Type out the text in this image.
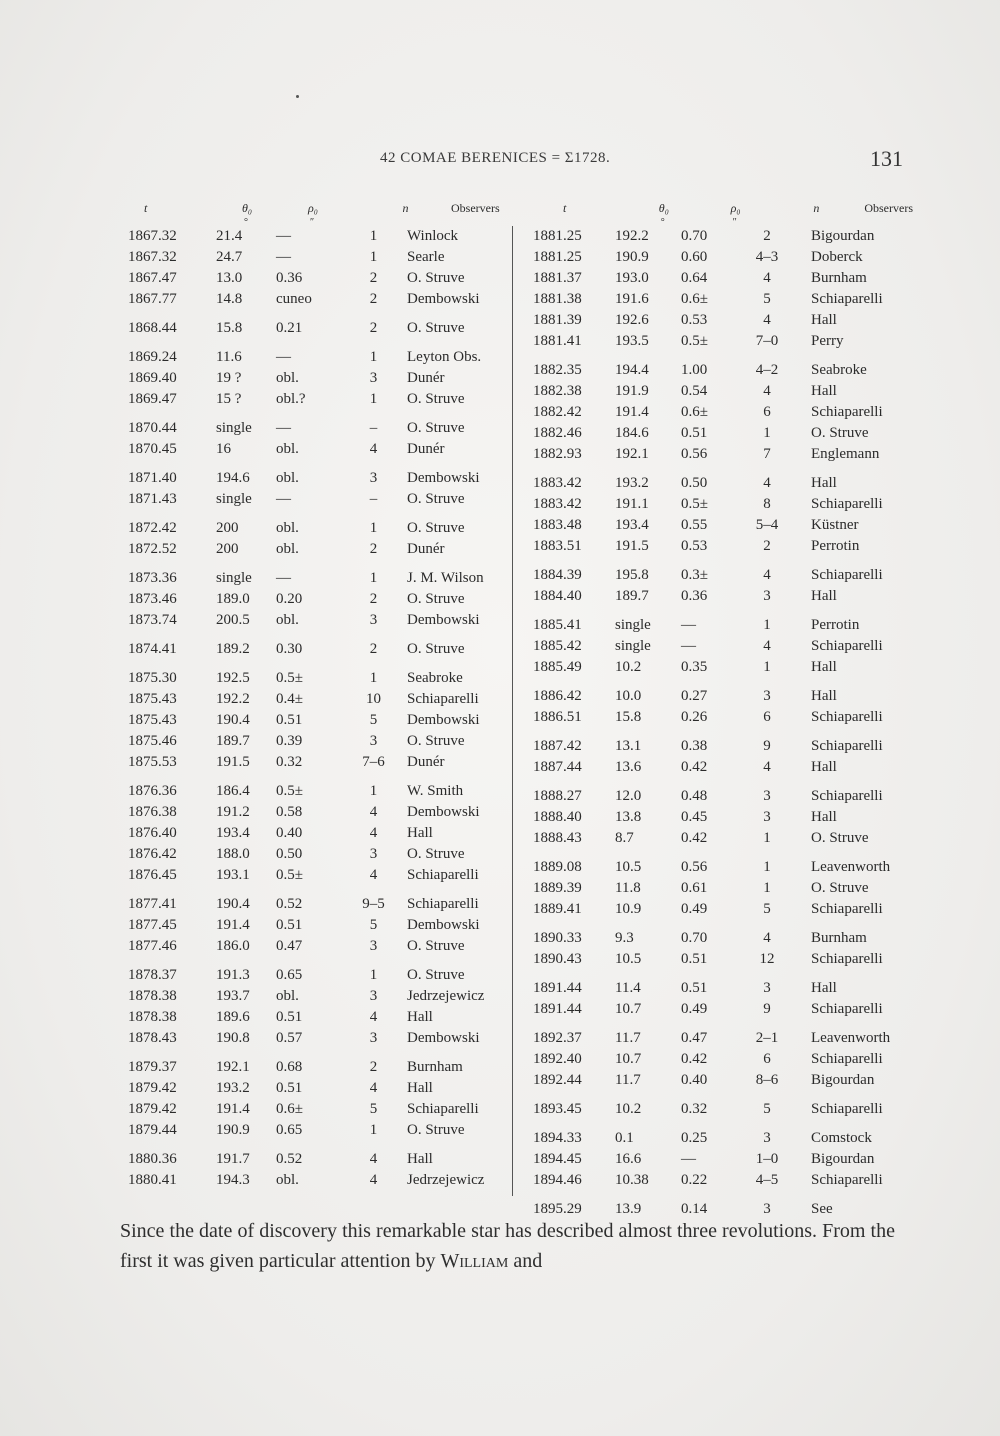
42 COMAE BERENICES = Σ1728.	131
t	θ₀
°
ρ₀
″
n	Observers
1867.32	21.4	—	1	Winlock
1867.32	24.7	—	1	Searle
1867.47	13.0	0.36	2	O. Struve
1867.77	14.8	cuneo	2	Dembowski
1868.44	15.8	0.21	2	O. Struve
1869.24	11.6	—	1	Leyton Obs.
1869.40	19 ?	obl.	3	Dunér
1869.47	15 ?	obl.?	1	O. Struve
1870.44	single	—	–	O. Struve
1870.45	16	obl.	4	Dunér
1871.40	194.6	obl.	3	Dembowski
1871.43	single	—	–	O. Struve
1872.42	200	obl.	1	O. Struve
1872.52	200	obl.	2	Dunér
1873.36	single	—	1	J. M. Wilson
1873.46	189.0	0.20	2	O. Struve
1873.74	200.5	obl.	3	Dembowski
1874.41	189.2	0.30	2	O. Struve
1875.30	192.5	0.5±	1	Seabroke
1875.43	192.2	0.4±	10	Schiaparelli
1875.43	190.4	0.51	5	Dembowski
1875.46	189.7	0.39	3	O. Struve
1875.53	191.5	0.32	7–6	Dunér
1876.36	186.4	0.5±	1	W. Smith
1876.38	191.2	0.58	4	Dembowski
1876.40	193.4	0.40	4	Hall
1876.42	188.0	0.50	3	O. Struve
1876.45	193.1	0.5±	4	Schiaparelli
1877.41	190.4	0.52	9–5	Schiaparelli
1877.45	191.4	0.51	5	Dembowski
1877.46	186.0	0.47	3	O. Struve
1878.37	191.3	0.65	1	O. Struve
1878.38	193.7	obl.	3	Jedrzejewicz
1878.38	189.6	0.51	4	Hall
1878.43	190.8	0.57	3	Dembowski
1879.37	192.1	0.68	2	Burnham
1879.42	193.2	0.51	4	Hall
1879.42	191.4	0.6±	5	Schiaparelli
1879.44	190.9	0.65	1	O. Struve
1880.36	191.7	0.52	4	Hall
1880.41	194.3	obl.	4	Jedrzejewicz
t	θ₀
°
ρ₀
″
n	Observers
1881.25	192.2	0.70	2	Bigourdan
1881.25	190.9	0.60	4–3	Doberck
1881.37	193.0	0.64	4	Burnham
1881.38	191.6	0.6±	5	Schiaparelli
1881.39	192.6	0.53	4	Hall
1881.41	193.5	0.5±	7–0	Perry
1882.35	194.4	1.00	4–2	Seabroke
1882.38	191.9	0.54	4	Hall
1882.42	191.4	0.6±	6	Schiaparelli
1882.46	184.6	0.51	1	O. Struve
1882.93	192.1	0.56	7	Englemann
1883.42	193.2	0.50	4	Hall
1883.42	191.1	0.5±	8	Schiaparelli
1883.48	193.4	0.55	5–4	Küstner
1883.51	191.5	0.53	2	Perrotin
1884.39	195.8	0.3±	4	Schiaparelli
1884.40	189.7	0.36	3	Hall
1885.41	single	—	1	Perrotin
1885.42	single	—	4	Schiaparelli
1885.49	10.2	0.35	1	Hall
1886.42	10.0	0.27	3	Hall
1886.51	15.8	0.26	6	Schiaparelli
1887.42	13.1	0.38	9	Schiaparelli
1887.44	13.6	0.42	4	Hall
1888.27	12.0	0.48	3	Schiaparelli
1888.40	13.8	0.45	3	Hall
1888.43	8.7	0.42	1	O. Struve
1889.08	10.5	0.56	1	Leavenworth
1889.39	11.8	0.61	1	O. Struve
1889.41	10.9	0.49	5	Schiaparelli
1890.33	9.3	0.70	4	Burnham
1890.43	10.5	0.51	12	Schiaparelli
1891.44	11.4	0.51	3	Hall
1891.44	10.7	0.49	9	Schiaparelli
1892.37	11.7	0.47	2–1	Leavenworth
1892.40	10.7	0.42	6	Schiaparelli
1892.44	11.7	0.40	8–6	Bigourdan
1893.45	10.2	0.32	5	Schiaparelli
1894.33	0.1	0.25	3	Comstock
1894.45	16.6	—	1–0	Bigourdan
1894.46	10.38	0.22	4–5	Schiaparelli
1895.29	13.9	0.14	3	See
Since the date of discovery this remarkable star has described almost three revolutions. From the first it was given particular attention by William and
